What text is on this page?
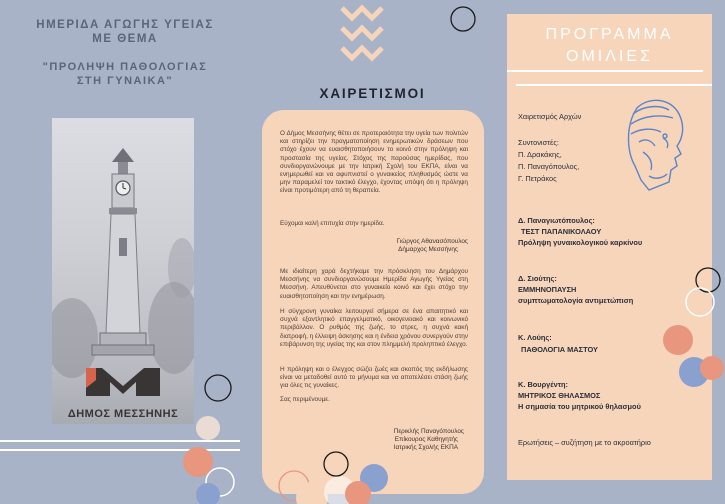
ΗΜΕΡΙΔΑ ΑΓΩΓΗΣ ΥΓΕΙΑΣ
ΜΕ ΘΕΜΑ
"ΠΡΟΛΗΨΗ ΠΑΘΟΛΟΓΙΑΣ
ΣΤΗ ΓΥΝΑΙΚΑ"
ΔΗΜΟΣ ΜΕΣΣΗΝΗΣ
ΧΑΙΡΕΤΙΣΜΟΙ
Ο Δήμος Μεσσήνης θέτει σε προτεραιότητα την υγεία των πολιτών και στηρίζει την πραγματοποίηση ενημερωτικών δράσεων που στόχο έχουν να ευαισθητοποιήσουν το κοινό στην πρόληψη και προστασία της υγείας. Στόχος της παρούσας ημερίδας, που συνδιοργανώνουμε με την Ιατρική Σχολή του ΕΚΠΑ, είναι να ενημερωθεί και να αφυπνιστεί ο γυναικείος πληθυσμός ώστε να μην παραμελεί τον τακτικό έλεγχο, έχοντας υπόψη ότι η πρόληψη είναι προτιμότερη από τη θεραπεία.
Εύχομαι καλή επιτυχία στην ημερίδα.
Γιώργος Αθανασόπουλος
Δήμαρχος Μεσσήνης
Με ιδιαίτερη χαρά δεχτήκαμε την πρόσκληση του Δημάρχου Μεσσήνης να συνδιοργανώσουμε Ημερίδα Αγωγής Υγείας στη Μεσσήνη. Απευθύνεται στο γυναικείο κοινό και έχει στόχο την ευαισθητοποίηση και την ενημέρωση.
Η σύγχρονη γυναίκα λειτουργεί σήμερα σε ένα απαιτητικό και συχνά εξαντλητικό επαγγελματικό, οικογενειακό και κοινωνικό περιβάλλον. Ο ρυθμός της ζωής, το στρες, η συχνά κακή διατροφή, η έλλειψη άσκησης και η ένδεια χρόνου συνεργούν στην επιβάρυνση της υγείας της και στον πλημμελή προληπτικό έλεγχο.
Η πρόληψη και ο έλεγχος σώζει ζωές και σκοπός της εκδήλωσης είναι να μεταδοθεί αυτό το μήνυμα και να αποτελέσει στάση ζωής για όλες τις γυναίκες.
Σας περιμένουμε.
Περικλής Παναγόπουλος
Επίκουρος Καθηγητής
Ιατρικής Σχολής ΕΚΠΑ
ΠΡΟΓΡΑΜΜΑ
ΟΜΙΛΙΕΣ
Χαιρετισμός Αρχών
Συντονιστές:
Π. Δρακάκης,
Π. Παναγόπουλος,
Γ. Πετράκος
Δ. Παναγιωτόπουλος:
ΤΕΣΤ ΠΑΠΑΝΙΚΟΛΑΟΥ
Πρόληψη γυναικολογικού καρκίνου
Δ. Σιούτης:
ΕΜΜΗΝΟΠΑΥΣΗ
συμπτωματολογία αντιμετώπιση
Κ. Λούης:
ΠΑΘΟΛΟΓΙΑ ΜΑΣΤΟΥ
Κ. Βουργέντη:
ΜΗΤΡΙΚΟΣ ΘΗΛΑΣΜΟΣ
Η σημασία του μητρικού θηλασμού
Ερωτήσεις – συζήτηση με το ακροατήριο
